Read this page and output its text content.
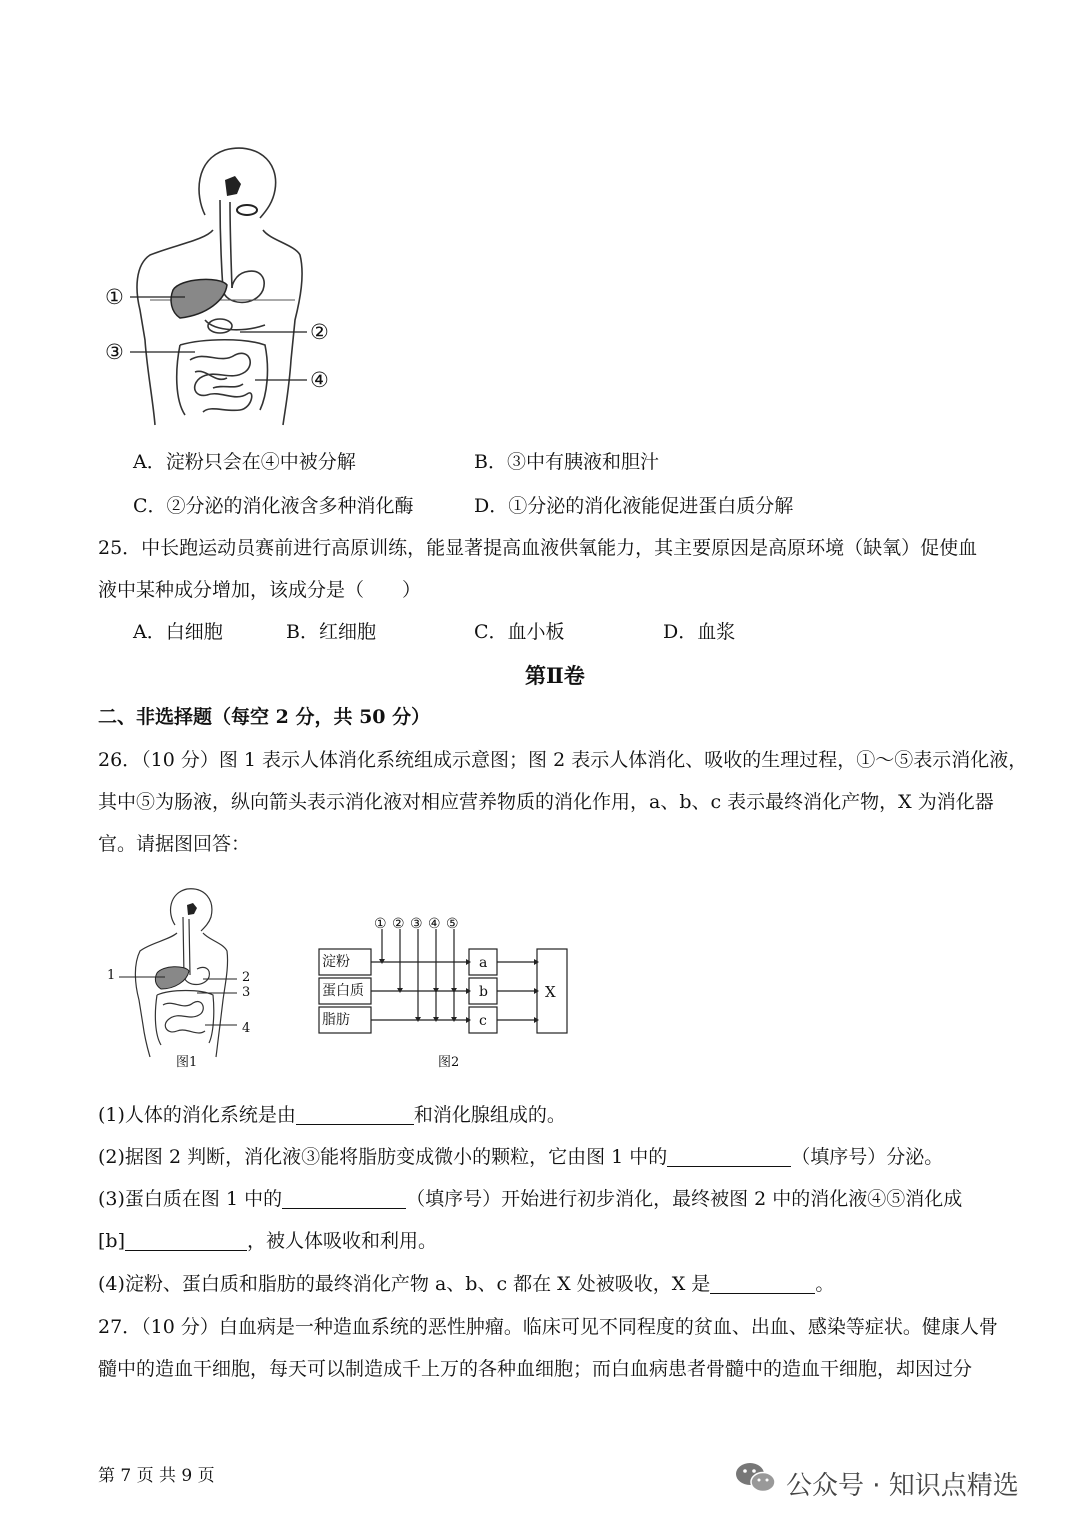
①
②
③
④
A．淀粉只会在④中被分解	B．③中有胰液和胆汁
C．②分泌的消化液含多种消化酶	D．①分泌的消化液能促进蛋白质分解
25．中长跑运动员赛前进行高原训练，能显著提高血液供氧能力，其主要原因是高原环境（缺氧）促使血
液中某种成分增加，该成分是（　　）
A．白细胞	B．红细胞	C．血小板	D．血浆
第Ⅱ卷
二、非选择题（每空 2 分，共 50 分）
26．（10 分）图 1 表示人体消化系统组成示意图；图 2 表示人体消化、吸收的生理过程，①～⑤表示消化液，
其中⑤为肠液，纵向箭头表示消化液对相应营养物质的消化作用，a、b、c 表示最终消化产物，X 为消化器
官。请据图回答：
1	2
3
4
图1
① ② ③ ④ ⑤
淀粉
蛋白质
脂肪
a
b
c
X
图2
(1)人体的消化系统是由	和消化腺组成的。
(2)据图 2 判断，消化液③能将脂肪变成微小的颗粒，它由图 1 中的	（填序号）分泌。
(3)蛋白质在图 1 中的	（填序号）开始进行初步消化，最终被图 2 中的消化液④⑤消化成
[b]	，被人体吸收和利用。
(4)淀粉、蛋白质和脂肪的最终消化产物 a、b、c 都在 X 处被吸收，X 是	。
27．（10 分）白血病是一种造血系统的恶性肿瘤。临床可见不同程度的贫血、出血、感染等症状。健康人骨
髓中的造血干细胞，每天可以制造成千上万的各种血细胞；而白血病患者骨髓中的造血干细胞，却因过分
第 7 页 共 9 页	公众号 · 知识点精选
